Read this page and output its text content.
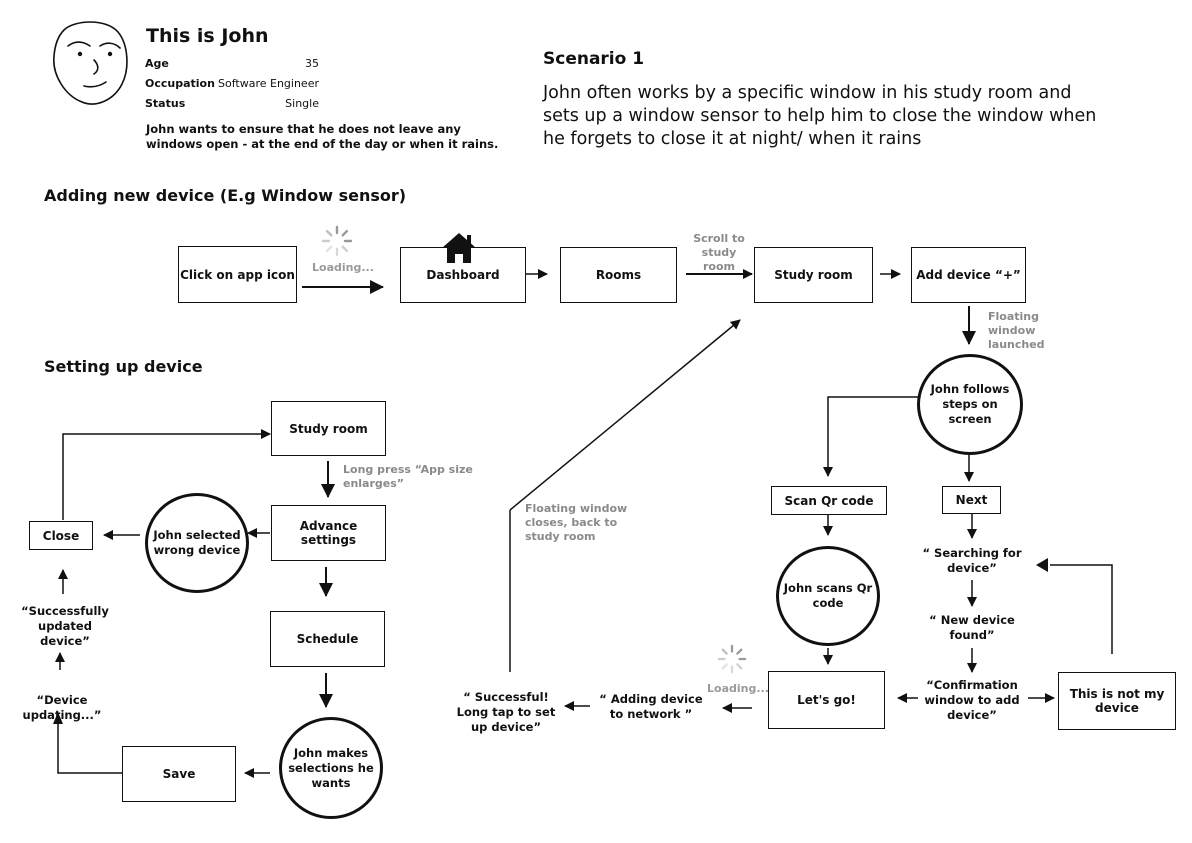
This is John
Age	35
Occupation	Software Engineer
Status	Single
John wants to ensure that he does not leave any windows open - at the end of the day or when it rains.
Scenario 1
John often works by a specific window in his study room and sets up a window sensor to help him to close the window when he forgets to close it at night/ when it rains
Adding new device (E.g Window sensor)
Setting up device
Click on app icon Loading...
Dashboard	Rooms
Scroll to study room
Study room	Add device “+”
Floating window launched
John follows steps on screen
Scan Qr code	Next
John scans Qr code
“ Searching for device”
“ New device found”
“Confirmation window to add device”
This is not my device
Let's go!
Loading...
“ Adding device to network ”
“ Successful! Long tap to set up device”
Floating window closes, back to study room
Study room
Long press “App size enlarges”
Advance settings
John selected wrong device
Close
“Successfully updated device”
“Device updating...”
Schedule
John makes selections he wants
Save
